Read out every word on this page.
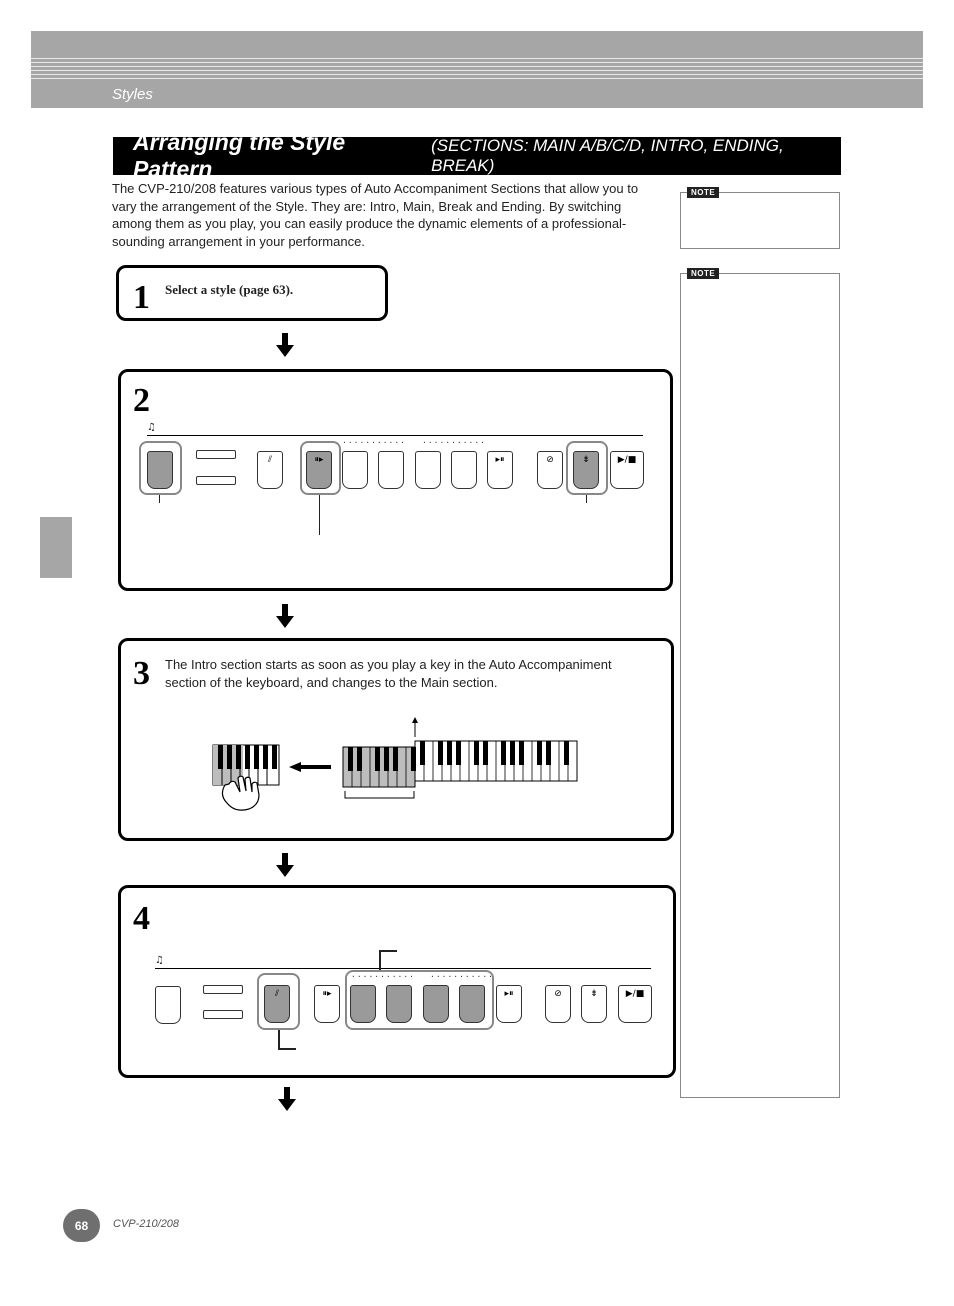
Styles
Arranging the Style Pattern
(SECTIONS: MAIN A/B/C/D, INTRO, ENDING, BREAK)
The CVP-210/208 features various types of Auto Accompaniment Sections that allow you to vary the arrangement of the Style. They are: Intro, Main, Break and Ending. By switching among them as you play, you can easily produce the dynamic elements of a professional-sounding arrangement in your performance.
NOTE
NOTE
1 Select a style (page 63).
2
♫
⫽	⏸▸
··········· ···········
▸⏸	⊘	⇟	▶/■
3 The Intro section starts as soon as you play a key in the Auto Accompaniment section of the keyboard, and changes to the Main section.
4
♫
⫽	⏸▸
··········· ···········
▸⏸	⊘	⇟	▶/■
68	CVP-210/208
